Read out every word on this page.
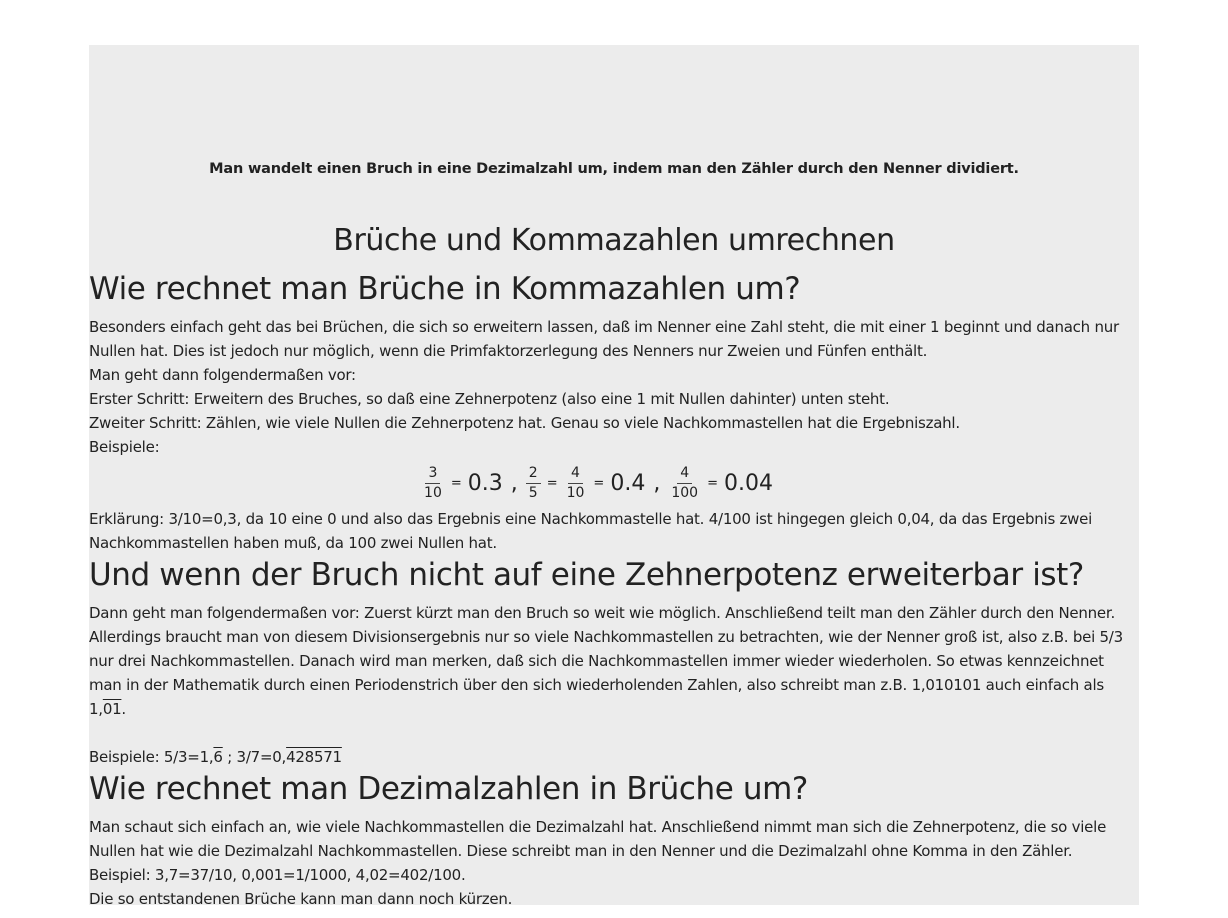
Man wandelt einen Bruch in eine Dezimalzahl um, indem man den Zähler durch den Nenner dividiert.
Brüche und Kommazahlen umrechnen
Wie rechnet man Brüche in Kommazahlen um?

Besonders einfach geht das bei Brüchen, die sich so erweitern lassen, daß im Nenner eine Zahl steht, die mit einer 1 beginnt und danach nur Nullen hat. Dies ist jedoch nur möglich, wenn die Primfaktorzerlegung des Nenners nur Zweien und Fünfen enthält.

Man geht dann folgendermaßen vor:

Erster Schritt: Erweitern des Bruches, so daß eine Zehnerpotenz (also eine 1 mit Nullen dahinter) unten steht.

Zweiter Schritt: Zählen, wie viele Nullen die Zehnerpotenz hat. Genau so viele Nachkommastellen hat die Ergebniszahl.

Beispiele:

$\frac{3}{10} = 0.3$ , $\frac{2}{5} = \frac{4}{10} = 0.4$ , $\frac{4}{100} = 0.04$

Erklärung: 3/10=0,3, da 10 eine 0 und also das Ergebnis eine Nachkommastelle hat. 4/100 ist hingegen gleich 0,04, da das Ergebnis zwei Nachkommastellen haben muß, da 100 zwei Nullen hat.

Und wenn der Bruch nicht auf eine Zehnerpotenz erweiterbar ist?

Dann geht man folgendermaßen vor: Zuerst kürzt man den Bruch so weit wie möglich. Anschließend teilt man den Zähler durch den Nenner. Allerdings braucht man von diesem Divisionsergebnis nur so viele Nachkommastellen zu betrachten, wie der Nenner groß ist, also z.B. bei 5/3 nur drei Nachkommastellen. Danach wird man merken, daß sich die Nachkommastellen immer wieder wiederholen. So etwas kennzeichnet man in der Mathematik durch einen Periodenstrich über den sich wiederholenden Zahlen, also schreibt man z.B. 1,010101 auch einfach als 1,01.

Beispiele: 5/3=1,6 ; 3/7=0,428571

Wie rechnet man Dezimalzahlen in Brüche um?

Man schaut sich einfach an, wie viele Nachkommastellen die Dezimalzahl hat. Anschließend nimmt man sich die Zehnerpotenz, die so viele Nullen hat wie die Dezimalzahl Nachkommastellen. Diese schreibt man in den Nenner und die Dezimalzahl ohne Komma in den Zähler.

Beispiel: 3,7=37/10, 0,001=1/1000, 4,02=402/100.

Die so entstandenen Brüche kann man dann noch kürzen.
